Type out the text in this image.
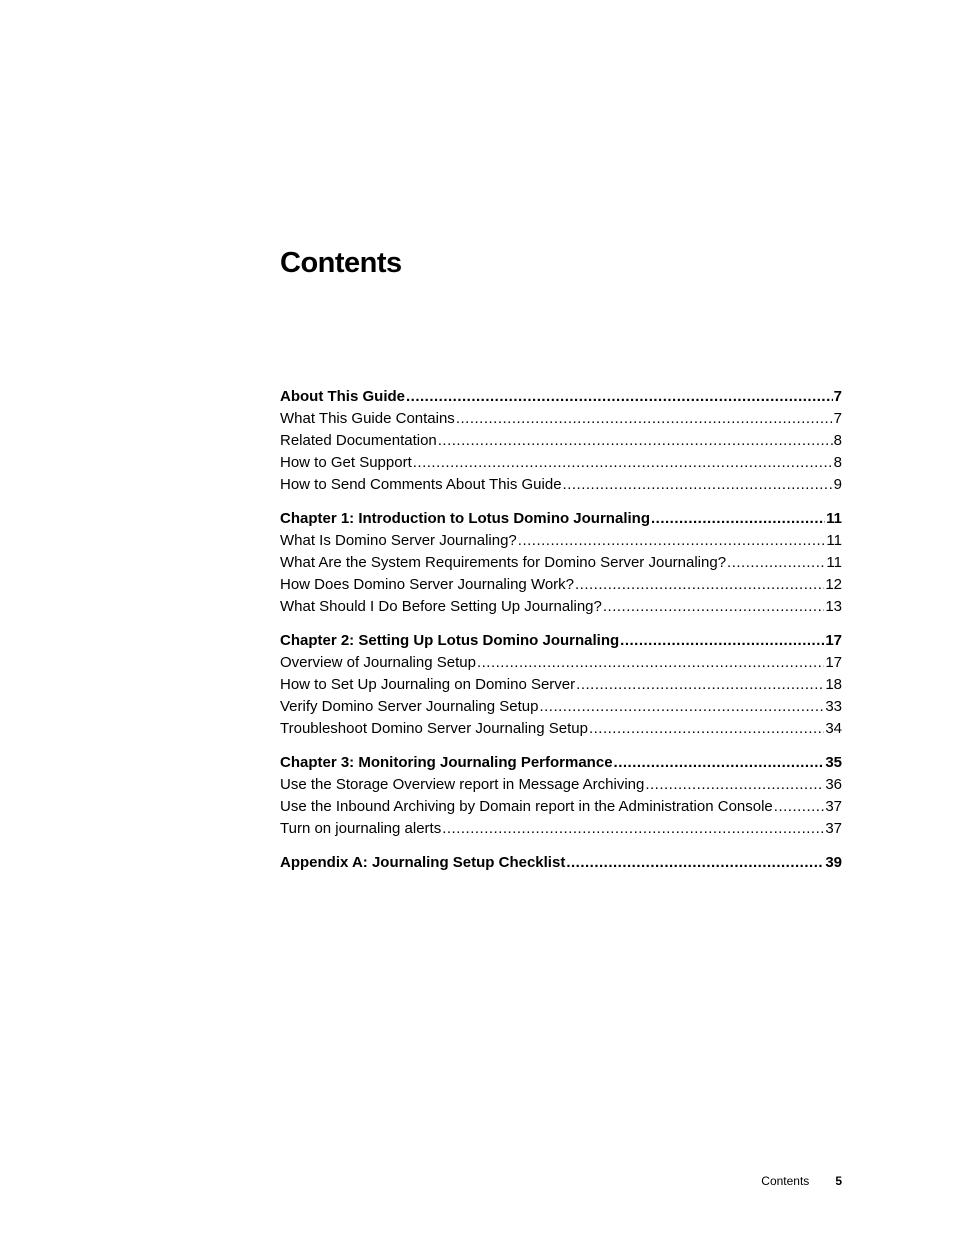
Contents
About This Guide .....	7
What This Guide Contains .....	7
Related Documentation .....	8
How to Get Support .....	8
How to Send Comments About This Guide .....	9
Chapter 1: Introduction to Lotus Domino Journaling .....	11
What Is Domino Server Journaling? .....	11
What Are the System Requirements for Domino Server Journaling? .....	11
How Does Domino Server Journaling Work? .....	12
What Should I Do Before Setting Up Journaling? .....	13
Chapter 2: Setting Up Lotus Domino Journaling .....	17
Overview of Journaling Setup .....	17
How to Set Up Journaling on Domino Server .....	18
Verify Domino Server Journaling Setup .....	33
Troubleshoot Domino Server Journaling Setup .....	34
Chapter 3: Monitoring Journaling Performance .....	35
Use the Storage Overview report in Message Archiving .....	36
Use the Inbound Archiving by Domain report in the Administration Console .....	37
Turn on journaling alerts .....	37
Appendix A: Journaling Setup Checklist .....	39
Contents 5
